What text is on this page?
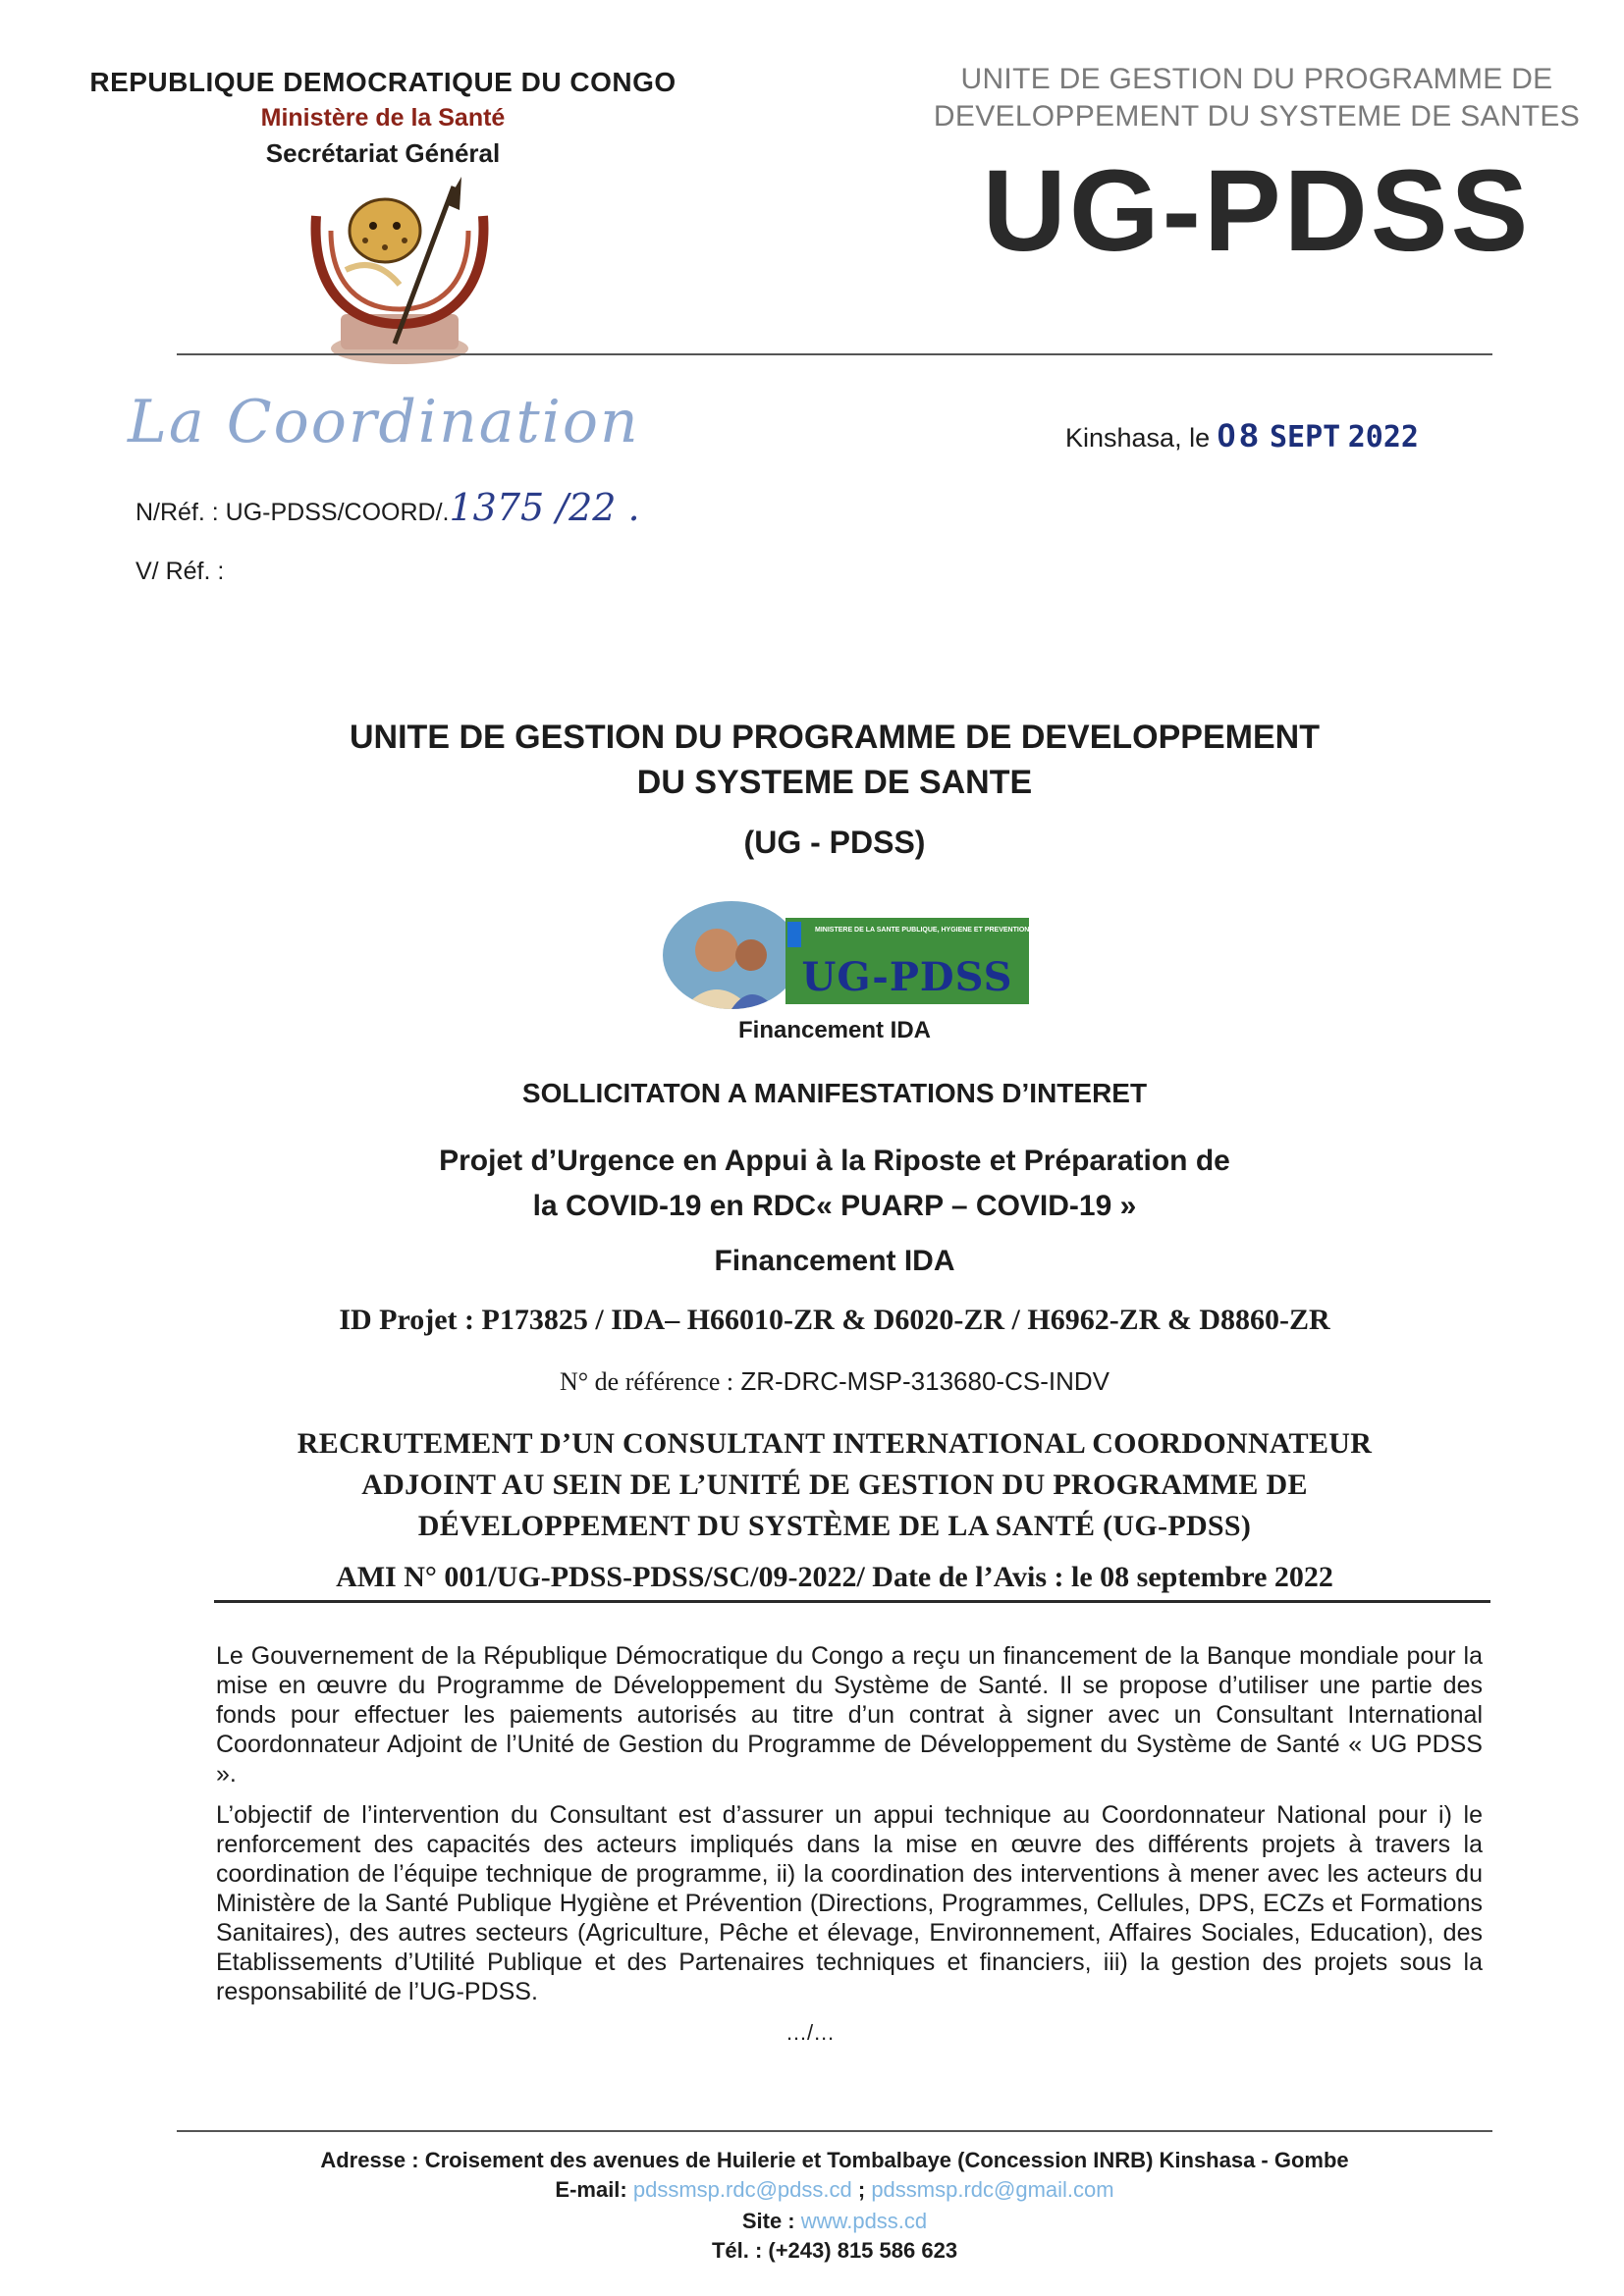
REPUBLIQUE DEMOCRATIQUE DU CONGO
Ministère de la Santé
Secrétariat Général
UNITE DE GESTION DU PROGRAMME DE
DEVELOPPEMENT DU SYSTEME DE SANTES
UG-PDSS
La Coordination	Kinshasa, le 08 SEPT 2022
N/Réf. : UG-PDSS/COORD/.1375 /22 .
V/ Réf. :
UNITE DE GESTION DU PROGRAMME DE DEVELOPPEMENT
DU SYSTEME DE SANTE
(UG - PDSS)
MINISTERE DE LA SANTE PUBLIQUE, HYGIENE ET PREVENTION
UG-PDSS
Financement IDA
SOLLICITATON A MANIFESTATIONS D’INTERET
Projet d’Urgence en Appui à la Riposte et Préparation de
la COVID-19 en RDC« PUARP – COVID-19 »
Financement IDA
ID Projet : P173825 / IDA– H66010-ZR & D6020-ZR / H6962-ZR & D8860-ZR
N° de référence : ZR-DRC-MSP-313680-CS-INDV
RECRUTEMENT D’UN CONSULTANT INTERNATIONAL COORDONNATEUR
ADJOINT AU SEIN DE L’UNITÉ DE GESTION DU PROGRAMME DE
DÉVELOPPEMENT DU SYSTÈME DE LA SANTÉ (UG-PDSS)
AMI N° 001/UG-PDSS-PDSS/SC/09-2022/ Date de l’Avis : le 08 septembre 2022
Le Gouvernement de la République Démocratique du Congo a reçu un financement de la Banque mondiale pour la mise en œuvre du Programme de Développement du Système de Santé. Il se propose d’utiliser une partie des fonds pour effectuer les paiements autorisés au titre d’un contrat à signer avec un Consultant International Coordonnateur Adjoint de l’Unité de Gestion du Programme de Développement du Système de Santé « UG PDSS ».
L’objectif de l’intervention du Consultant est d’assurer un appui technique au Coordonnateur National pour i) le renforcement des capacités des acteurs impliqués dans la mise en œuvre des différents projets à travers la coordination de l’équipe technique de programme, ii) la coordination des interventions à mener avec les acteurs du Ministère de la Santé Publique Hygiène et Prévention (Directions, Programmes, Cellules, DPS, ECZs et Formations Sanitaires), des autres secteurs (Agriculture, Pêche et élevage, Environnement, Affaires Sociales, Education), des Etablissements d’Utilité Publique et des Partenaires techniques et financiers, iii) la gestion des projets sous la responsabilité de l’UG-PDSS.
…/…
Adresse : Croisement des avenues de Huilerie et Tombalbaye (Concession INRB) Kinshasa - Gombe
E-mail: pdssmsp.rdc@pdss.cd ; pdssmsp.rdc@gmail.com
Site : www.pdss.cd
Tél. : (+243) 815 586 623
